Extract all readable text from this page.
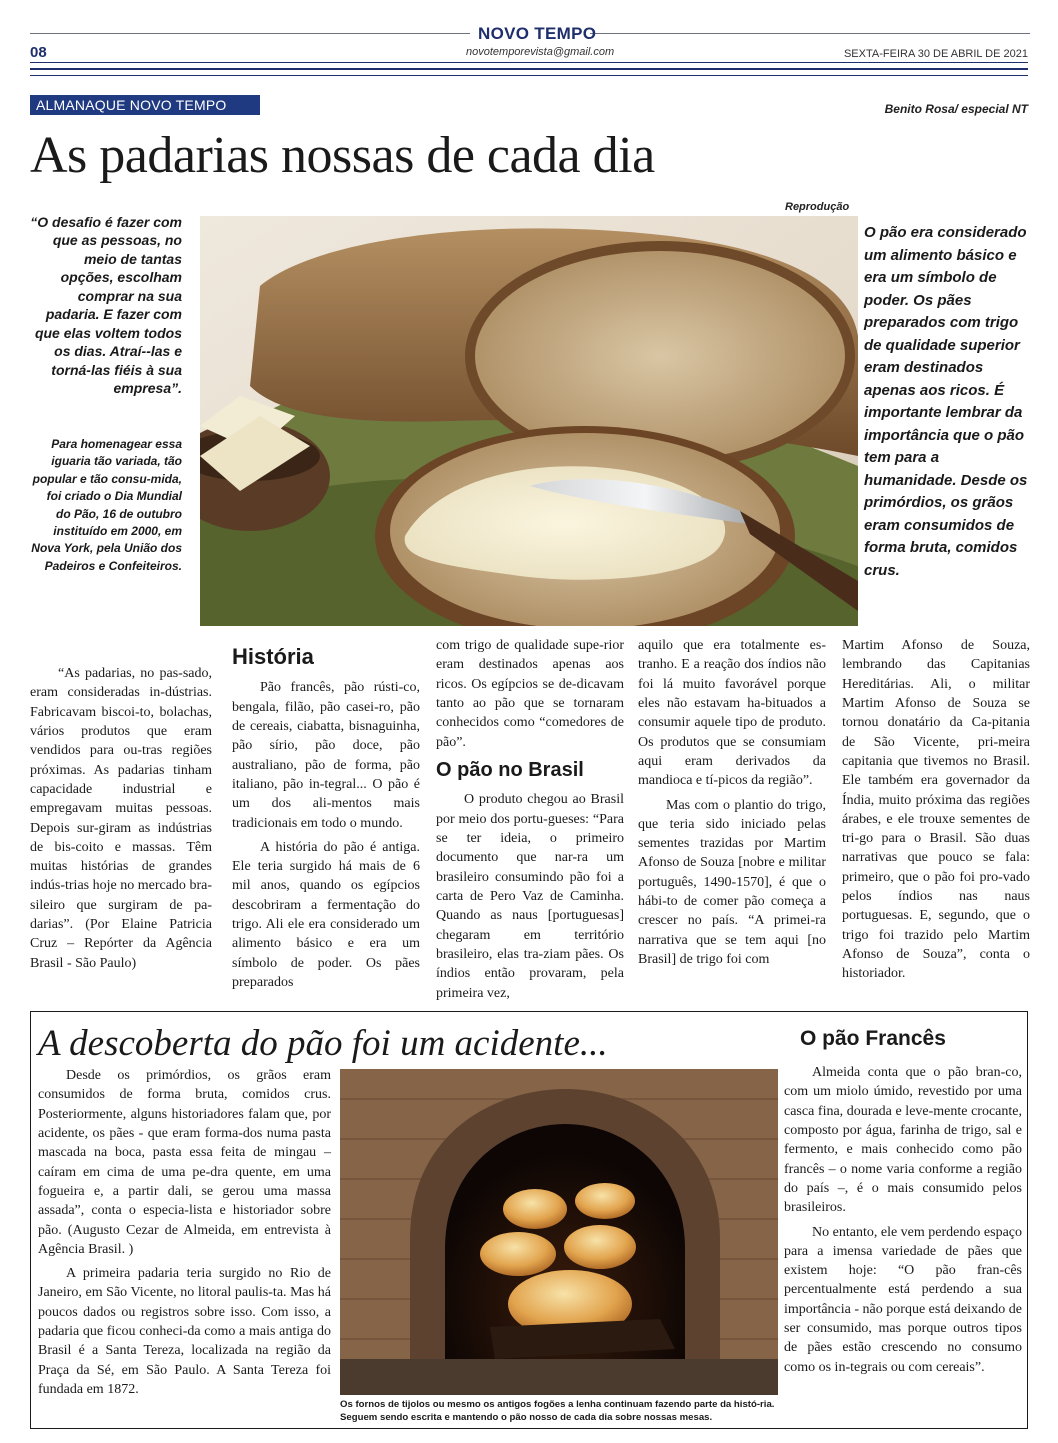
NOVO TEMPO
08	novotemporevista@gmail.com	SEXTA-FEIRA 30 DE ABRIL DE 2021
ALMANAQUE NOVO TEMPO	Benito Rosa/ especial NT
As padarias nossas de cada dia
“O desafio é fazer com que as pessoas, no meio de tantas opções, escolham comprar na sua padaria. E fazer com que elas voltem todos os dias. Atraí--las e torná-las fiéis à sua empresa”.
Para homenagear essa iguaria tão variada, tão popular e tão consu-mida, foi criado o Dia Mundial do Pão, 16 de outubro instituído em 2000, em Nova York, pela União dos Padeiros e Confeiteiros.
Reprodução
O pão era considerado um alimento básico e era um símbolo de poder. Os pães preparados com trigo de qualidade superior eram destinados apenas aos ricos. É importante lembrar da importância que o pão tem para a humanidade. Desde os primórdios, os grãos eram consumidos de forma bruta, comidos crus.

“As padarias, no pas-sado, eram consideradas in-dústrias. Fabricavam biscoi-to, bolachas, vários produtos que eram vendidos para ou-tras regiões próximas. As padarias tinham capacidade industrial e empregavam muitas pessoas. Depois sur-giram as indústrias de bis-coito e massas. Têm muitas histórias de grandes indús-trias hoje no mercado bra-sileiro que surgiram de pa-darias”. (Por Elaine Patricia Cruz – Repórter da Agência Brasil - São Paulo)

História

Pão francês, pão rústi-co, bengala, filão, pão casei-ro, pão de cereais, ciabatta, bisnaguinha, pão sírio, pão doce, pão australiano, pão de forma, pão italiano, pão in-tegral... O pão é um dos ali-mentos mais tradicionais em todo o mundo.

A história do pão é antiga. Ele teria surgido há mais de 6 mil anos, quando os egípcios descobriram a fermentação do trigo. Ali ele era considerado um alimento básico e era um símbolo de poder. Os pães preparados

com trigo de qualidade supe-rior eram destinados apenas aos ricos. Os egípcios se de-dicavam tanto ao pão que se tornaram conhecidos como “comedores de pão”.

O pão no Brasil

O produto chegou ao Brasil por meio dos portu-gueses: “Para se ter ideia, o primeiro documento que nar-ra um brasileiro consumindo pão foi a carta de Pero Vaz de Caminha. Quando as naus [portuguesas] chegaram em território brasileiro, elas tra-ziam pães. Os índios então provaram, pela primeira vez,

aquilo que era totalmente es-tranho. E a reação dos índios não foi lá muito favorável porque eles não estavam ha-bituados a consumir aquele tipo de produto. Os produtos que se consumiam aqui eram derivados da mandioca e tí-picos da região”.

Mas com o plantio do trigo, que teria sido iniciado pelas sementes trazidas por Martim Afonso de Souza [nobre e militar português, 1490-1570], é que o hábi-to de comer pão começa a crescer no país. “A primei-ra narrativa que se tem aqui [no Brasil] de trigo foi com

Martim Afonso de Souza, lembrando das Capitanias Hereditárias. Ali, o militar Martim Afonso de Souza se tornou donatário da Ca-pitania de São Vicente, pri-meira capitania que tivemos no Brasil. Ele também era governador da Índia, muito próxima das regiões árabes, e ele trouxe sementes de tri-go para o Brasil. São duas narrativas que pouco se fala: primeiro, que o pão foi pro-vado pelos índios nas naus portuguesas. E, segundo, que o trigo foi trazido pelo Martim Afonso de Souza”, conta o historiador.

A descoberta do pão foi um acidente...

Desde os primórdios, os grãos eram consumidos de forma bruta, comidos crus. Posteriormente, alguns historiadores falam que, por acidente, os pães - que eram forma-dos numa pasta mascada na boca, pasta essa feita de mingau – caíram em cima de uma pe-dra quente, em uma fogueira e, a partir dali, se gerou uma massa assada”, conta o especia-lista e historiador sobre pão. (Augusto Cezar de Almeida, em entrevista à Agência Brasil. )

A primeira padaria teria surgido no Rio de Janeiro, em São Vicente, no litoral paulis-ta. Mas há poucos dados ou registros sobre isso. Com isso, a padaria que ficou conheci-da como a mais antiga do Brasil é a Santa Tereza, localizada na região da Praça da Sé, em São Paulo. A Santa Tereza foi fundada em 1872.

Os fornos de tijolos ou mesmo os antigos fogões a lenha continuam fazendo parte da histó-ria. Seguem sendo escrita e mantendo o pão nosso de cada dia sobre nossas mesas.
O pão Francês

Almeida conta que o pão bran-co, com um miolo úmido, revestido por uma casca fina, dourada e leve-mente crocante, composto por água, farinha de trigo, sal e fermento, e mais conhecido como pão francês – o nome varia conforme a região do país –, é o mais consumido pelos brasileiros.

No entanto, ele vem perdendo espaço para a imensa variedade de pães que existem hoje: “O pão fran-cês percentualmente está perdendo a sua importância - não porque está deixando de ser consumido, mas porque outros tipos de pães estão crescendo no consumo como os in-tegrais ou com cereais”.
